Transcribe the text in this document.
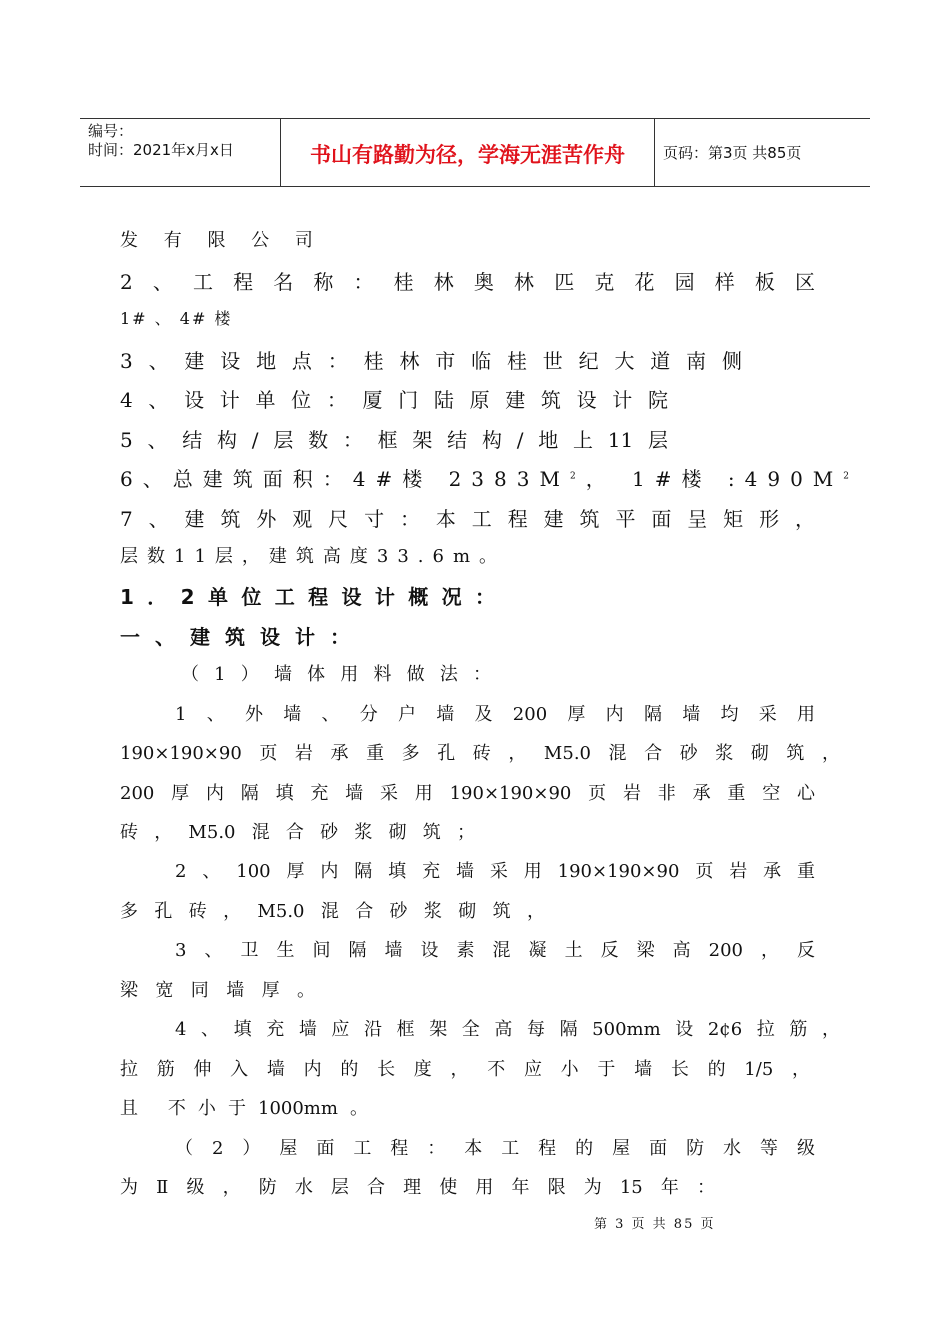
编号：
时间：2021年x月x日	书山有路勤为径，学海无涯苦作舟	页码：第3页 共85页
发 有 限 公 司
2、工程名称：桂林奥林匹克花园样板区
1# 、 4# 楼
3、建设地点：桂林市临桂世纪大道南侧
4、设计单位：厦门陆原建筑设计院
5、结构/层数：框架结构/地上11层
6、总建筑面积：4#楼 $2383M^2$， 1#楼 $:490M^2$
7、建筑外观尺寸：本工程建筑平面呈矩形，
层数11层，建筑高度33.6m。
1．2单位工程设计概况：
一、建筑设计：
（1）墙体用料做法：
1、外墙、分户墙及200厚内隔墙均采用
190×190×90页岩承重多孔砖，M5.0混合砂浆砌筑，
200厚内隔填充墙采用190×190×90页岩非承重空心
砖，M5.0混合砂浆砌筑；
2、100厚内隔填充墙采用190×190×90页岩承重
多孔砖，M5.0混合砂浆砌筑，
3、卫生间隔墙设素混凝土反梁高200，反
梁宽同墙厚。
4、填充墙应沿框架全高每隔500mm设2¢6拉筋，
拉筋伸入墙内的长度，不应小于墙长的1/5，
且 不小于1000mm。
（2）屋面工程：本工程的屋面防水等级
为Ⅱ级，防水层合理使用年限为15年：
第 3 页 共 85 页
